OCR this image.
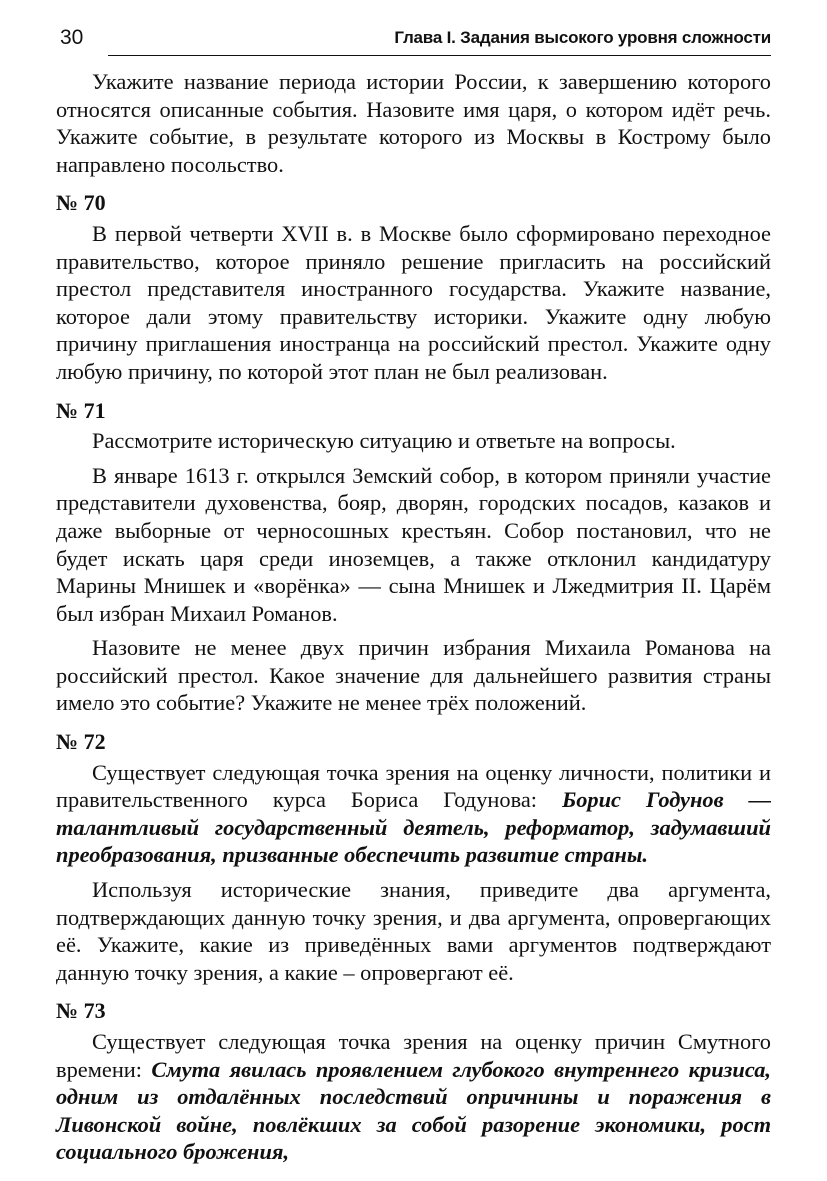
30	Глава I. Задания высокого уровня сложности

Укажите название периода истории России, к завершению которого относятся описанные события. Назовите имя царя, о котором идёт речь. Укажите событие, в результате которого из Москвы в Кострому было направлено посольство.

№ 70

В первой четверти XVII в. в Москве было сформировано переходное правительство, которое приняло решение пригласить на российский престол представителя иностранного государства. Укажите название, которое дали этому правительству историки. Укажите одну любую причину приглашения иностранца на российский престол. Укажите одну любую причину, по которой этот план не был реализован.

№ 71

Рассмотрите историческую ситуацию и ответьте на вопросы.

В январе 1613 г. открылся Земский собор, в котором приняли участие представители духовенства, бояр, дворян, городских посадов, казаков и даже выборные от черносошных крестьян. Собор постановил, что не будет искать царя среди иноземцев, а также отклонил кандидатуру Марины Мнишек и «ворёнка» — сына Мнишек и Лжедмитрия II. Царём был избран Михаил Романов.

Назовите не менее двух причин избрания Михаила Романова на российский престол. Какое значение для дальнейшего развития страны имело это событие? Укажите не менее трёх положений.

№ 72

Существует следующая точка зрения на оценку личности, политики и правительственного курса Бориса Годунова: Борис Годунов — талантливый государственный деятель, реформатор, задумавший преобразования, призванные обеспечить развитие страны.

Используя исторические знания, приведите два аргумента, подтверждающих данную точку зрения, и два аргумента, опровергающих её. Укажите, какие из приведённых вами аргументов подтверждают данную точку зрения, а какие – опровергают её.

№ 73

Существует следующая точка зрения на оценку причин Смутного времени: Смута явилась проявлением глубокого внутреннего кризиса, одним из отдалённых последствий опричнины и поражения в Ливонской войне, повлёкших за собой разорение экономики, рост социального брожения,
